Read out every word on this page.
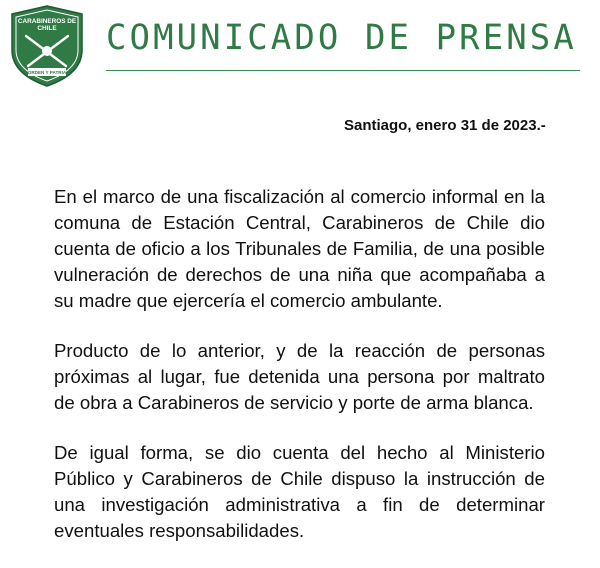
CARABINEROS DE
CHILE
ORDEN Y PATRIA
COMUNICADO DE PRENSA
Santiago, enero 31 de 2023.-

En el marco de una fiscalización al comercio informal en la comuna de Estación Central, Carabineros de Chile dio cuenta de oficio a los Tribunales de Familia, de una posible vulneración de derechos de una niña que acompañaba a su madre que ejercería el comercio ambulante.

Producto de lo anterior, y de la reacción de personas próximas al lugar, fue detenida una persona por maltrato de obra a Carabineros de servicio y porte de arma blanca.

De igual forma, se dio cuenta del hecho al Ministerio Público y Carabineros de Chile dispuso la instrucción de una investigación administrativa a fin de determinar eventuales responsabilidades.
